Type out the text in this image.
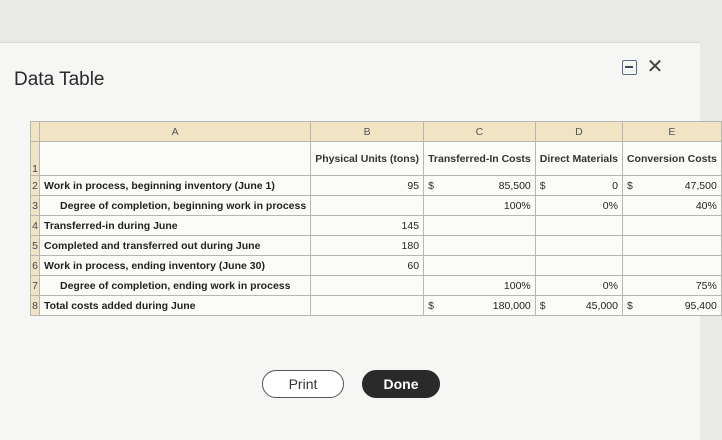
Data Table
✕
	A	B	C	D	E
1		Physical Units (tons)	Transferred-In Costs	Direct Materials	Conversion Costs
2	Work in process, beginning inventory (June 1)	95	$ 85,500	$ 0	$ 47,500

3	Degree of completion, beginning work in process		100%	0%	40%
4	Transferred-in during June	145			
5	Completed and transferred out during June	180			
6	Work in process, ending inventory (June 30)	60			
7	Degree of completion, ending work in process		100%	0%	75%
8	Total costs added during June		$ 180,000	$ 45,000	$ 95,400
Print	Done
